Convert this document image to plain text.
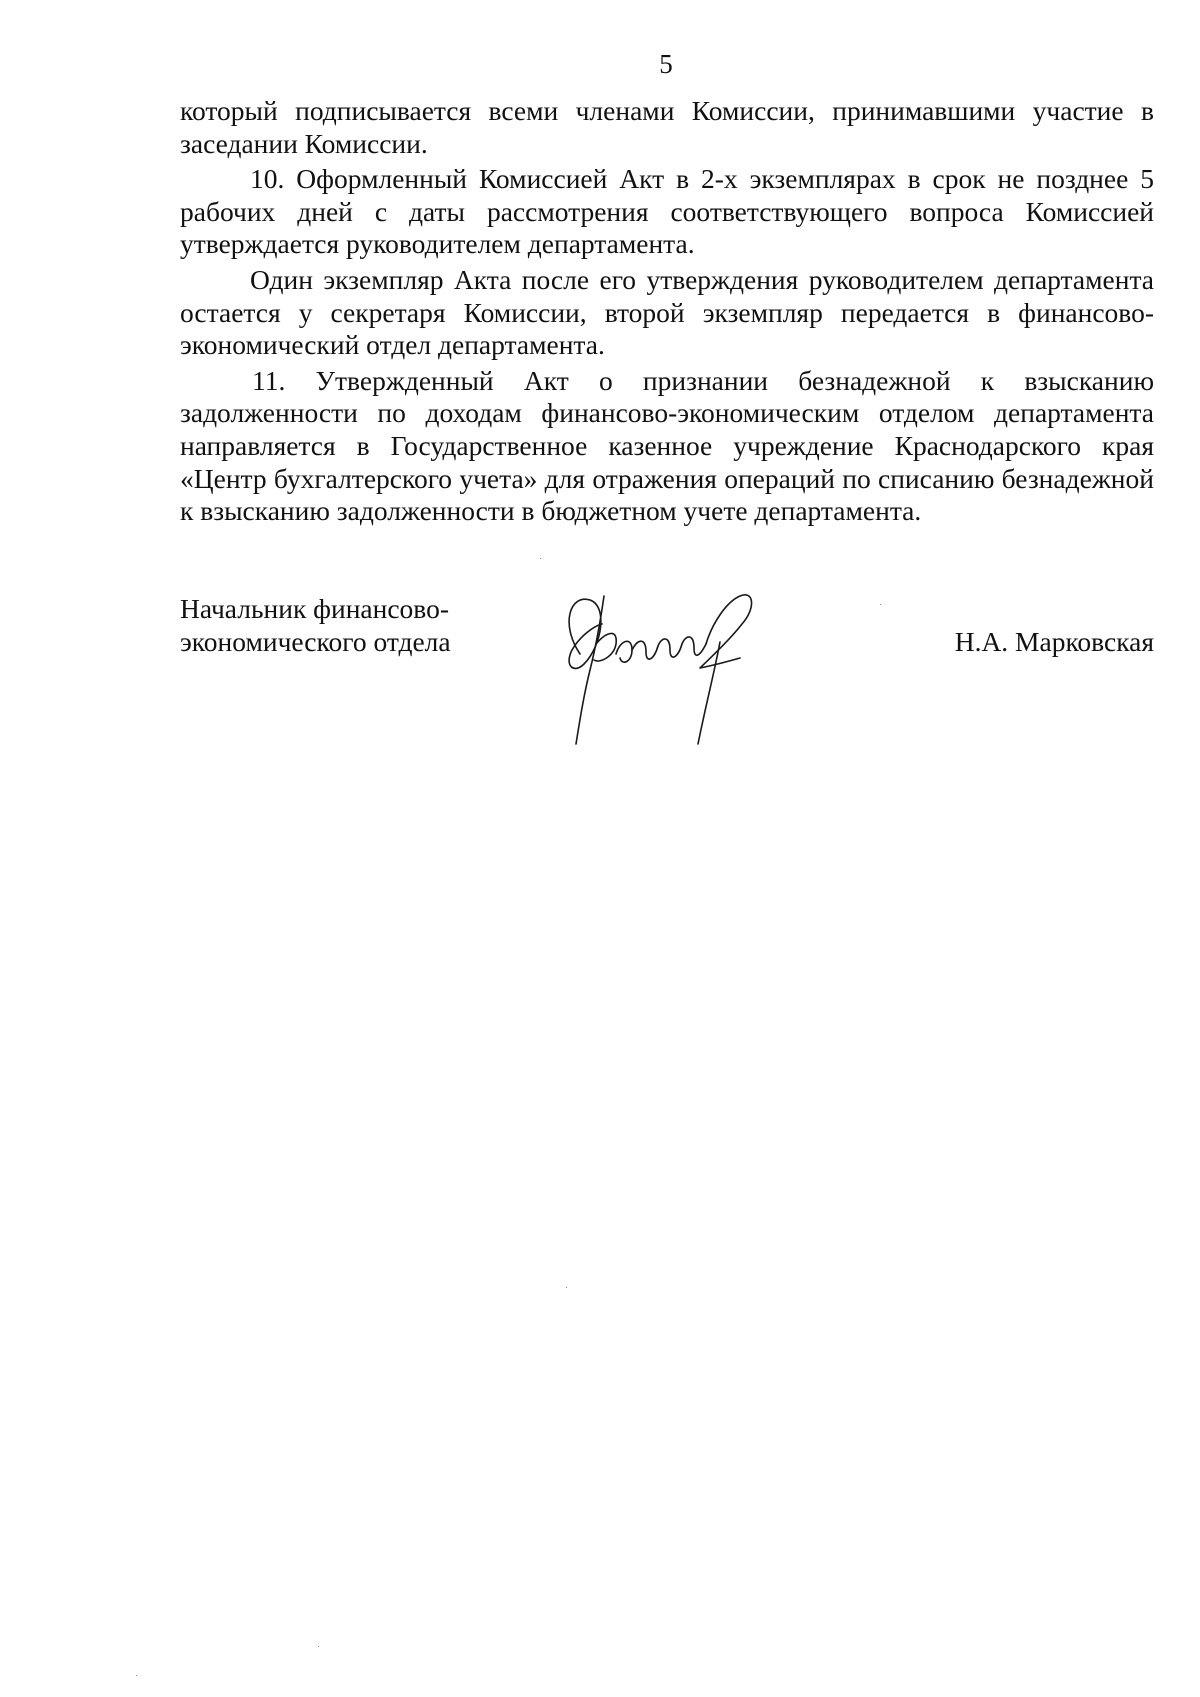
5

который подписывается всеми членами Комиссии, принимавшими участие в заседании Комиссии.

10. Оформленный Комиссией Акт в 2-х экземплярах в срок не позднее 5 рабочих дней с даты рассмотрения соответствующего вопроса Комиссией утверждается руководителем департамента.

Один экземпляр Акта после его утверждения руководителем департамента остается у секретаря Комиссии, второй экземпляр передается в финансово-экономический отдел департамента.

11. Утвержденный Акт о признании безнадежной к взысканию задолженности по доходам финансово-экономическим отделом департамента направляется в Государственное казенное учреждение Краснодарского края «Центр бухгалтерского учета» для отражения операций по списанию безнадежной к взысканию задолженности в бюджетном учете департамента.

Начальник финансово-
экономического отдела	Н.А. Марковская
